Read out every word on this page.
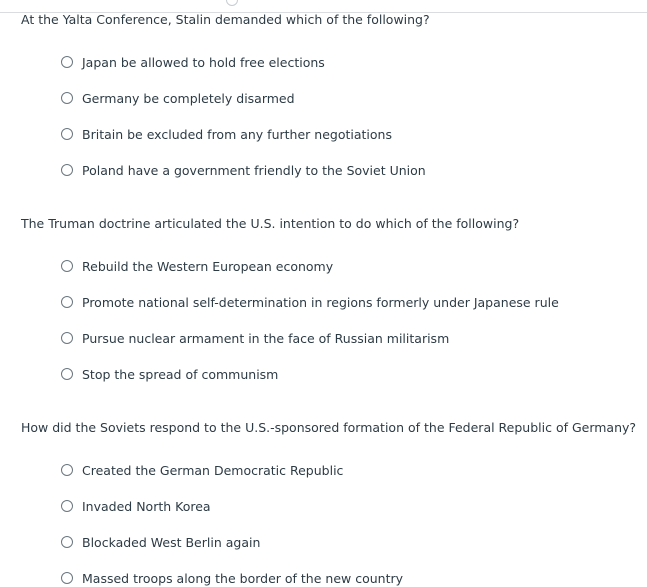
At the Yalta Conference, Stalin demanded which of the following?
Japan be allowed to hold free elections
Germany be completely disarmed
Britain be excluded from any further negotiations
Poland have a government friendly to the Soviet Union
The Truman doctrine articulated the U.S. intention to do which of the following?
Rebuild the Western European economy
Promote national self-determination in regions formerly under Japanese rule
Pursue nuclear armament in the face of Russian militarism
Stop the spread of communism
How did the Soviets respond to the U.S.-sponsored formation of the Federal Republic of Germany?
Created the German Democratic Republic
Invaded North Korea
Blockaded West Berlin again
Massed troops along the border of the new country
